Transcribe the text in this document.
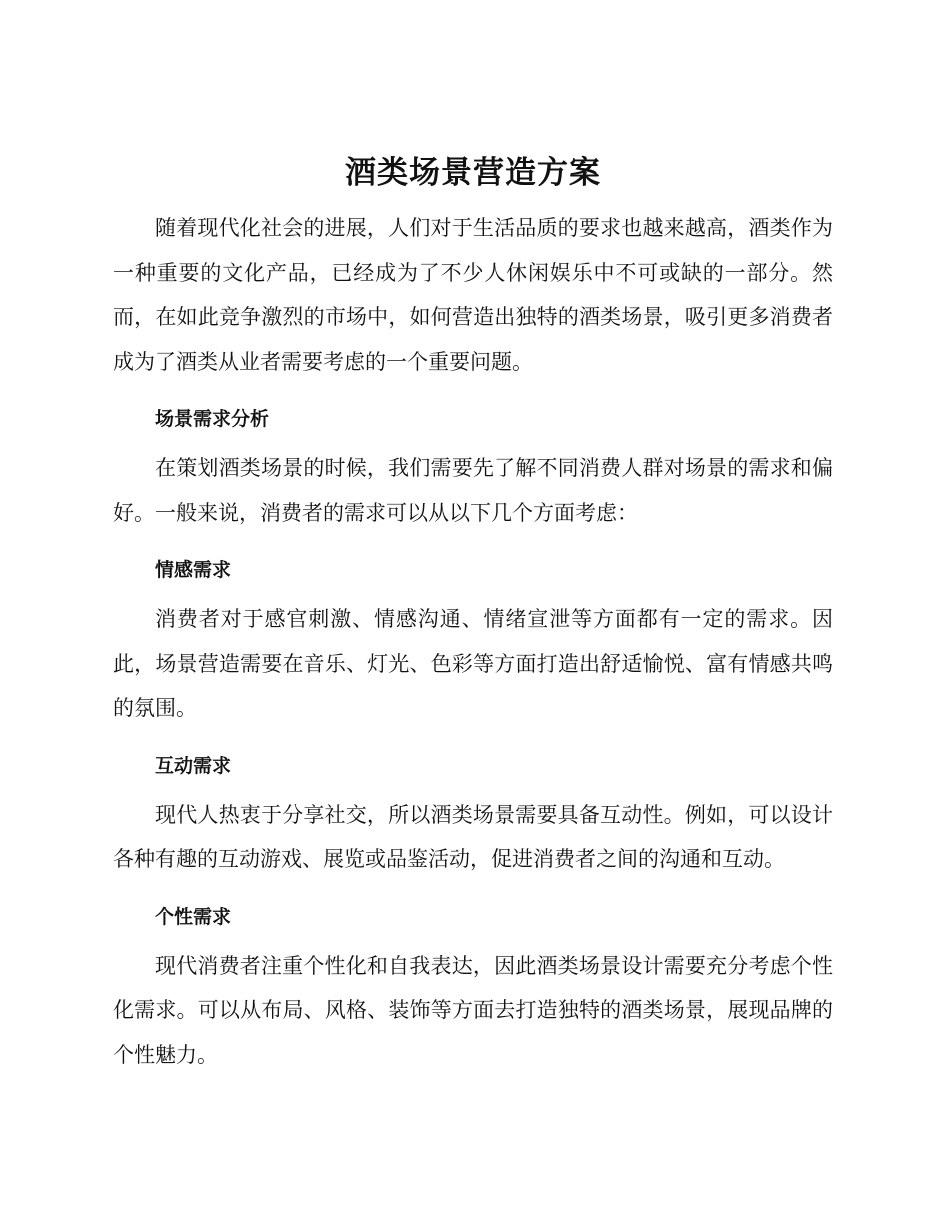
酒类场景营造方案

随着现代化社会的进展，人们对于生活品质的要求也越来越高，酒类作为一种重要的文化产品，已经成为了不少人休闲娱乐中不可或缺的一部分。然而，在如此竞争激烈的市场中，如何营造出独特的酒类场景，吸引更多消费者成为了酒类从业者需要考虑的一个重要问题。

场景需求分析

在策划酒类场景的时候，我们需要先了解不同消费人群对场景的需求和偏好。一般来说，消费者的需求可以从以下几个方面考虑：

情感需求

消费者对于感官刺激、情感沟通、情绪宣泄等方面都有一定的需求。因此，场景营造需要在音乐、灯光、色彩等方面打造出舒适愉悦、富有情感共鸣的氛围。

互动需求

现代人热衷于分享社交，所以酒类场景需要具备互动性。例如，可以设计各种有趣的互动游戏、展览或品鉴活动，促进消费者之间的沟通和互动。

个性需求

现代消费者注重个性化和自我表达，因此酒类场景设计需要充分考虑个性化需求。可以从布局、风格、装饰等方面去打造独特的酒类场景，展现品牌的个性魅力。
